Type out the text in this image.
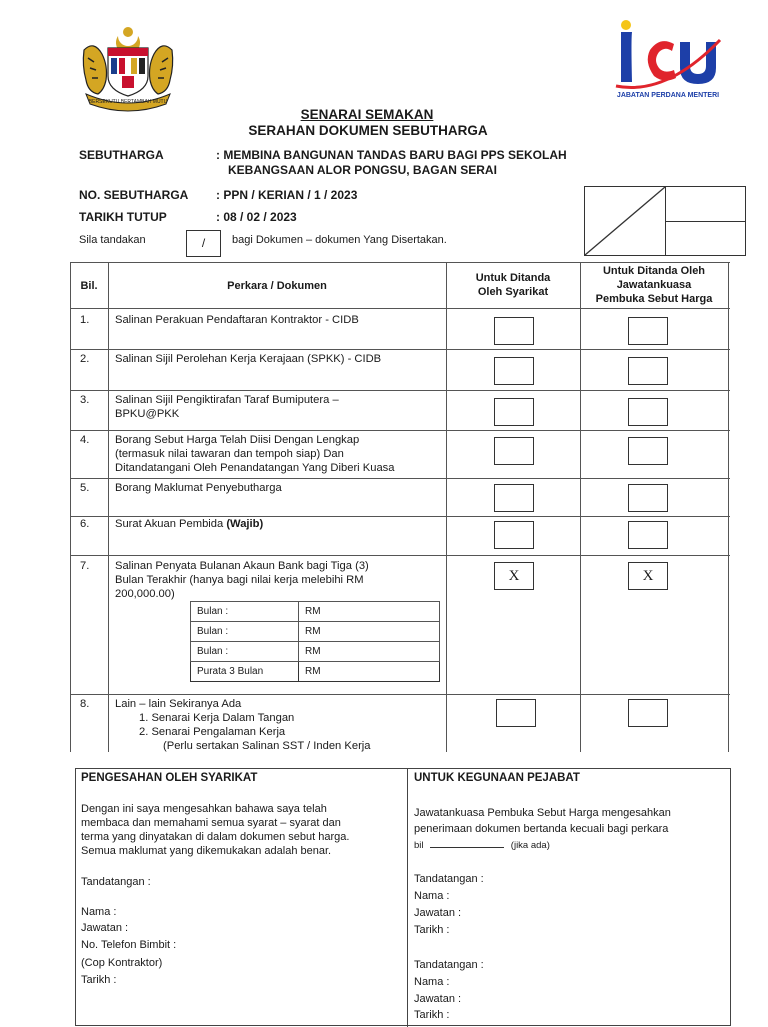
BERSEKUTU BERTAMBAH MUTU
JABATAN PERDANA MENTERI
SENARAI SEMAKAN
SERAHAN DOKUMEN SEBUTHARGA
SEBUTHARGA	: MEMBINA BANGUNAN TANDAS BARU BAGI PPS SEKOLAH
KEBANGSAAN ALOR PONGSU, BAGAN SERAI
NO. SEBUTHARGA : PPN / KERIAN / 1 / 2023
TARIKH TUTUP	: 08 / 02 / 2023
Sila tandakan	/	bagi Dokumen – dokumen Yang Disertakan.
Bil.	Perkara / Dokumen
Untuk Ditanda
Oleh Syarikat
Untuk Ditanda Oleh
Jawatankuasa
Pembuka Sebut Harga
1. Salinan Perakuan Pendaftaran Kontraktor - CIDB
2. Salinan Sijil Perolehan Kerja Kerajaan (SPKK) - CIDB
3. Salinan Sijil Pengiktirafan Taraf Bumiputera –
BPKU@PKK
4. Borang Sebut Harga Telah Diisi Dengan Lengkap
(termasuk nilai tawaran dan tempoh siap) Dan
Ditandatangani Oleh Penandatangan Yang Diberi Kuasa
5. Borang Maklumat Penyebutharga
6. Surat Akuan Pembida (Wajib)
7. Salinan Penyata Bulanan Akaun Bank bagi Tiga (3)
Bulan Terakhir (hanya bagi nilai kerja melebihi RM
200,000.00)
X	X
Bulan :	RM
Bulan :	RM
Bulan :	RM
Purata 3 Bulan	RM
8. Lain – lain Sekiranya Ada
1. Senarai Kerja Dalam Tangan
2. Senarai Pengalaman Kerja
(Perlu sertakan Salinan SST / Inden Kerja
PENGESAHAN OLEH SYARIKAT
Dengan ini saya mengesahkan bahawa saya telah
membaca dan memahami semua syarat – syarat dan
terma yang dinyatakan di dalam dokumen sebut harga.
Semua maklumat yang dikemukakan adalah benar.
Tandatangan :
Nama :
Jawatan :
No. Telefon Bimbit :
(Cop Kontraktor)
Tarikh :
UNTUK KEGUNAAN PEJABAT
Jawatankuasa Pembuka Sebut Harga mengesahkan
penerimaan dokumen bertanda kecuali bagi perkara
bil	(jika ada)
Tandatangan :
Nama :
Jawatan :
Tarikh :
Tandatangan :
Nama :
Jawatan :
Tarikh :
